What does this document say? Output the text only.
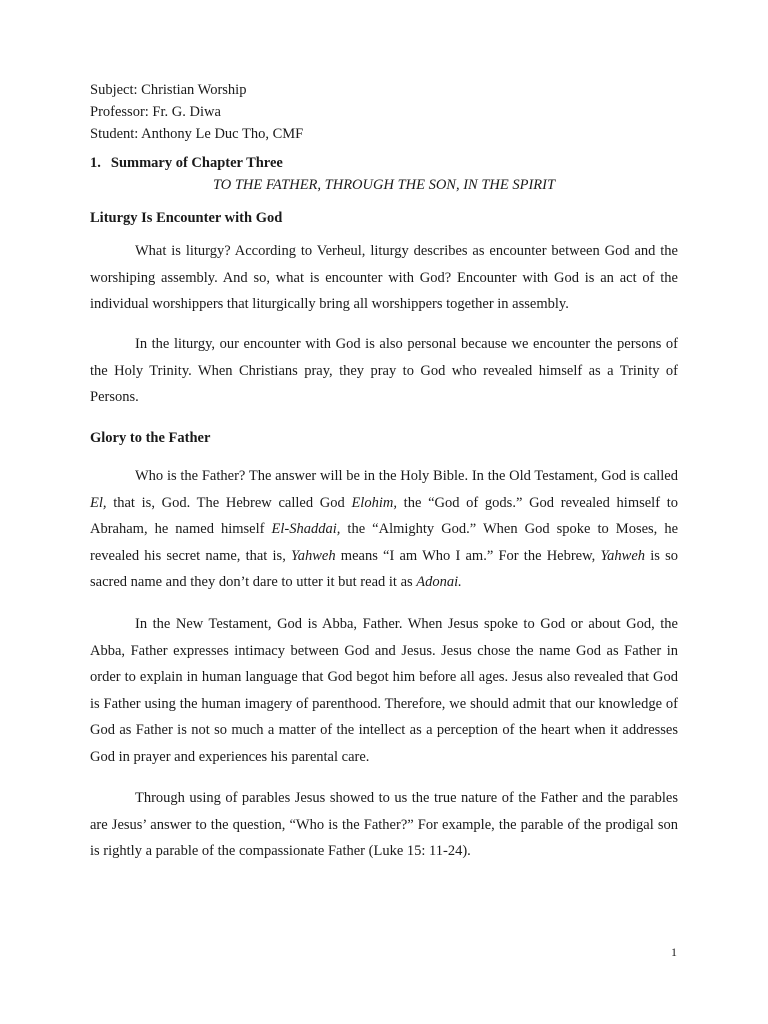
Subject: Christian Worship
Professor: Fr. G. Diwa
Student: Anthony Le Duc Tho, CMF
1. Summary of Chapter Three
TO THE FATHER, THROUGH THE SON, IN THE SPIRIT
Liturgy Is Encounter with God

What is liturgy? According to Verheul, liturgy describes as encounter between God and the worshiping assembly. And so, what is encounter with God? Encounter with God is an act of the individual worshippers that liturgically bring all worshippers together in assembly.

In the liturgy, our encounter with God is also personal because we encounter the persons of the Holy Trinity. When Christians pray, they pray to God who revealed himself as a Trinity of Persons.

Glory to the Father

Who is the Father? The answer will be in the Holy Bible. In the Old Testament, God is called El, that is, God. The Hebrew called God Elohim, the “God of gods.” God revealed himself to Abraham, he named himself El-Shaddai, the “Almighty God.” When God spoke to Moses, he revealed his secret name, that is, Yahweh means “I am Who I am.” For the Hebrew, Yahweh is so sacred name and they don’t dare to utter it but read it as Adonai.

In the New Testament, God is Abba, Father. When Jesus spoke to God or about God, the Abba, Father expresses intimacy between God and Jesus. Jesus chose the name God as Father in order to explain in human language that God begot him before all ages. Jesus also revealed that God is Father using the human imagery of parenthood. Therefore, we should admit that our knowledge of God as Father is not so much a matter of the intellect as a perception of the heart when it addresses God in prayer and experiences his parental care.

Through using of parables Jesus showed to us the true nature of the Father and the parables are Jesus’ answer to the question, “Who is the Father?” For example, the parable of the prodigal son is rightly a parable of the compassionate Father (Luke 15: 11-24).

1
